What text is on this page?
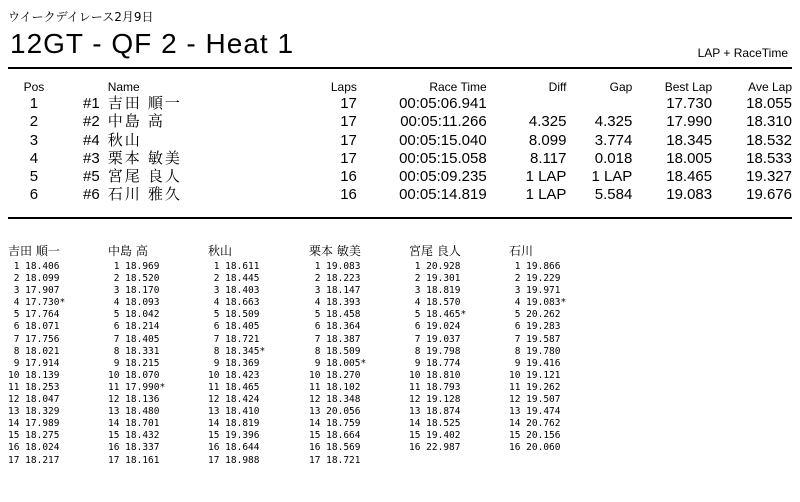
ウイークデイレース2月9日
12GT - QF 2 - Heat 1	LAP + RaceTime
Pos		Name	Laps	Race Time	Diff	Gap	Best Lap	Ave Lap
1	#1	吉田 順一	17	00:05:06.941			17.730	18.055
2	#2	中島 高	17	00:05:11.266	4.325	4.325	17.990	18.310
3	#4	秋山	17	00:05:15.040	8.099	3.774	18.345	18.532
4	#3	栗本 敏美	17	00:05:15.058	8.117	0.018	18.005	18.533
5	#5	宮尾 良人	16	00:05:09.235	1 LAP	1 LAP	18.465	19.327
6	#6	石川 雅久	16	00:05:14.819	1 LAP	5.584	19.083	19.676
吉田 順一
1 18.406
2 18.099
3 17.907
4 17.730*
5 17.764
6 18.071
7 17.756
8 18.021
9 17.914
10 18.139
11 18.253
12 18.047
13 18.329
14 17.989
15 18.275
16 18.024
17 18.217
中島 高
1 18.969
2 18.520
3 18.170
4 18.093
5 18.042
6 18.214
7 18.405
8 18.331
9 18.215
10 18.070
11 17.990*
12 18.136
13 18.480
14 18.701
15 18.432
16 18.337
17 18.161
秋山
1 18.611
2 18.445
3 18.403
4 18.663
5 18.509
6 18.405
7 18.721
8 18.345*
9 18.369
10 18.423
11 18.465
12 18.424
13 18.410
14 18.819
15 19.396
16 18.644
17 18.988
栗本 敏美
1 19.083
2 18.223
3 18.147
4 18.393
5 18.458
6 18.364
7 18.387
8 18.509
9 18.005*
10 18.270
11 18.102
12 18.348
13 20.056
14 18.759
15 18.664
16 18.569
17 18.721
宮尾 良人
1 20.928
2 19.301
3 18.819
4 18.570
5 18.465*
6 19.024
7 19.037
8 19.798
9 18.774
10 18.810
11 18.793
12 19.128
13 18.874
14 18.525
15 19.402
16 22.987
石川
1 19.866
2 19.229
3 19.971
4 19.083*
5 20.262
6 19.283
7 19.587
8 19.780
9 19.416
10 19.121
11 19.262
12 19.507
13 19.474
14 20.762
15 20.156
16 20.060
